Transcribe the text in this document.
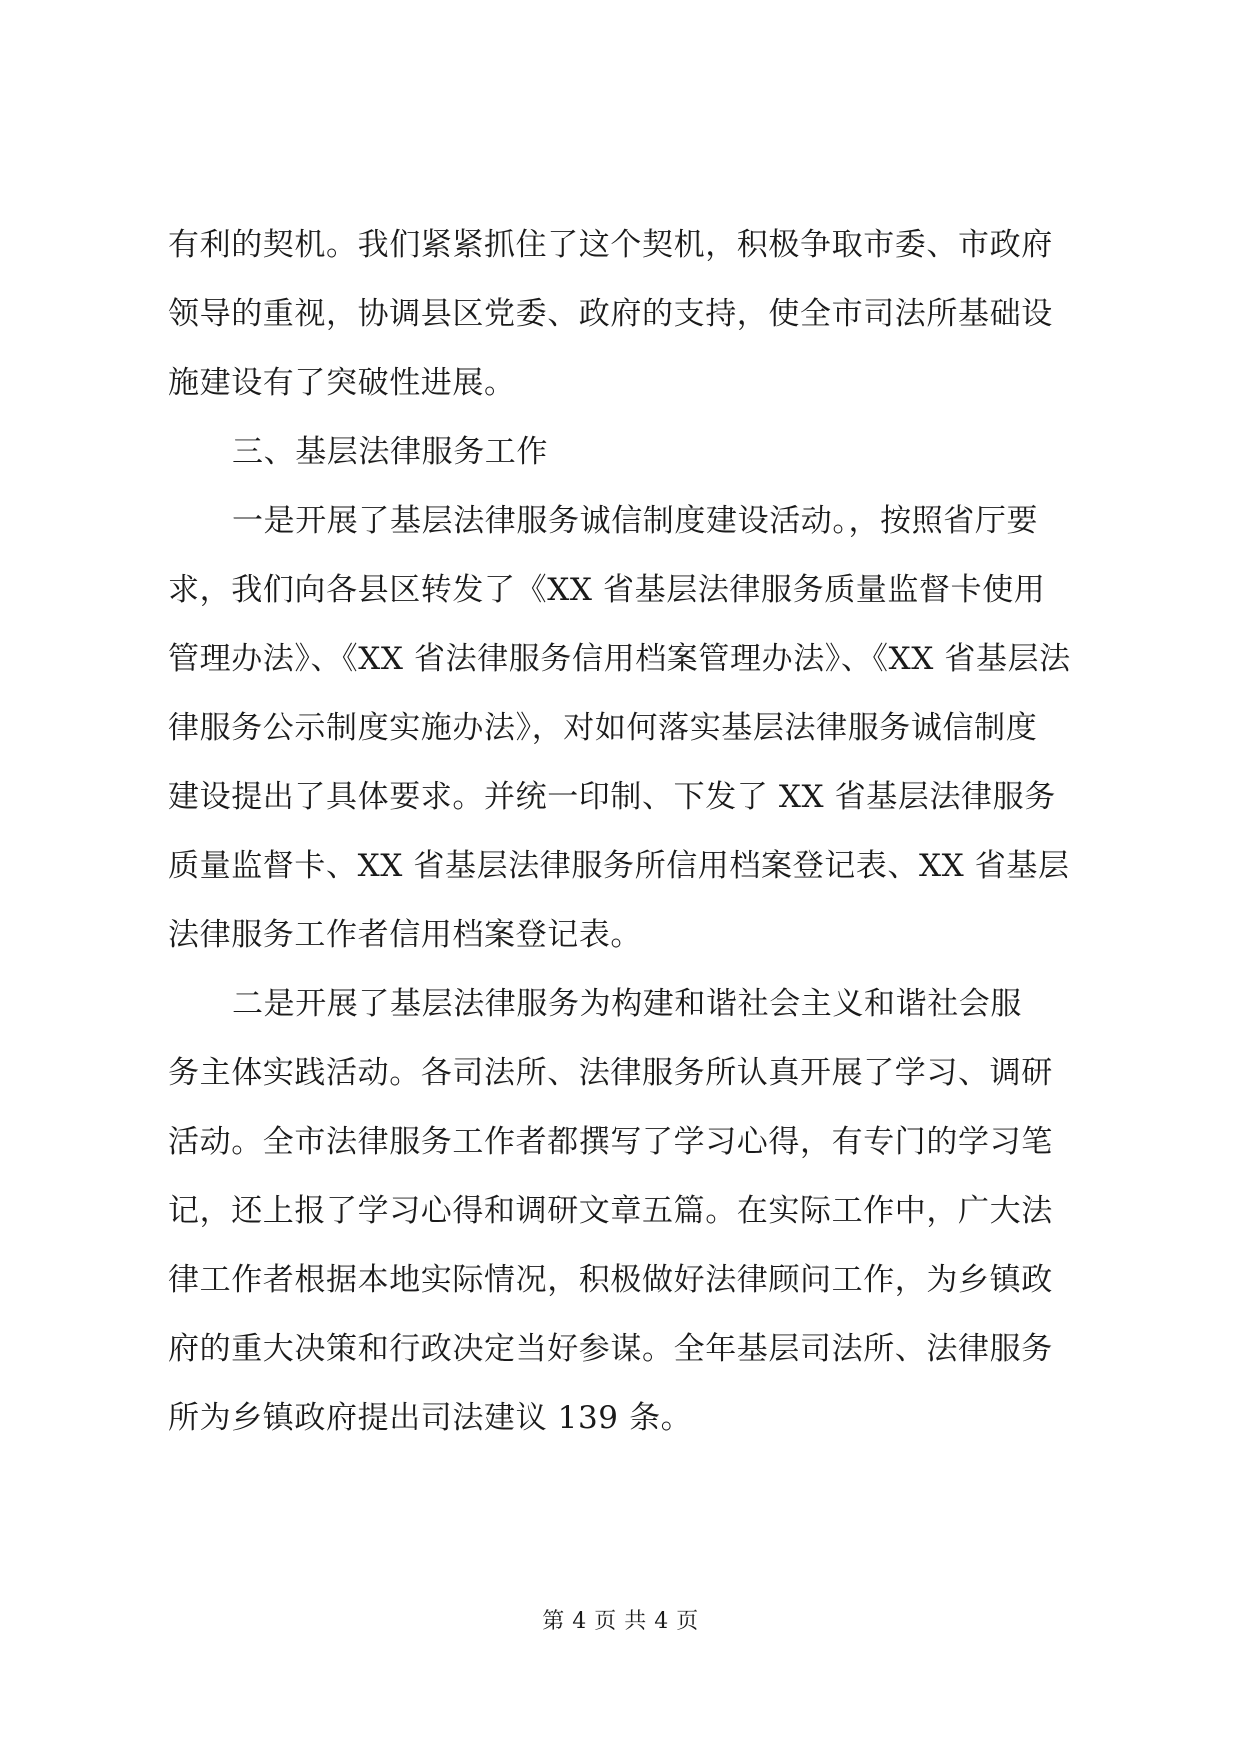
有利的契机。我们紧紧抓住了这个契机，积极争取市委、市政府
领导的重视，协调县区党委、政府的支持，使全市司法所基础设
施建设有了突破性进展。
三、基层法律服务工作
一是开展了基层法律服务诚信制度建设活动。，按照省厅要
求，我们向各县区转发了《XX 省基层法律服务质量监督卡使用
管理办法》、《XX 省法律服务信用档案管理办法》、《XX 省基层法
律服务公示制度实施办法》，对如何落实基层法律服务诚信制度
建设提出了具体要求。并统一印制、下发了 XX 省基层法律服务
质量监督卡、XX 省基层法律服务所信用档案登记表、XX 省基层
法律服务工作者信用档案登记表。
二是开展了基层法律服务为构建和谐社会主义和谐社会服
务主体实践活动。各司法所、法律服务所认真开展了学习、调研
活动。全市法律服务工作者都撰写了学习心得，有专门的学习笔
记，还上报了学习心得和调研文章五篇。在实际工作中，广大法
律工作者根据本地实际情况，积极做好法律顾问工作，为乡镇政
府的重大决策和行政决定当好参谋。全年基层司法所、法律服务
所为乡镇政府提出司法建议 139 条。
第 4 页 共 4 页
